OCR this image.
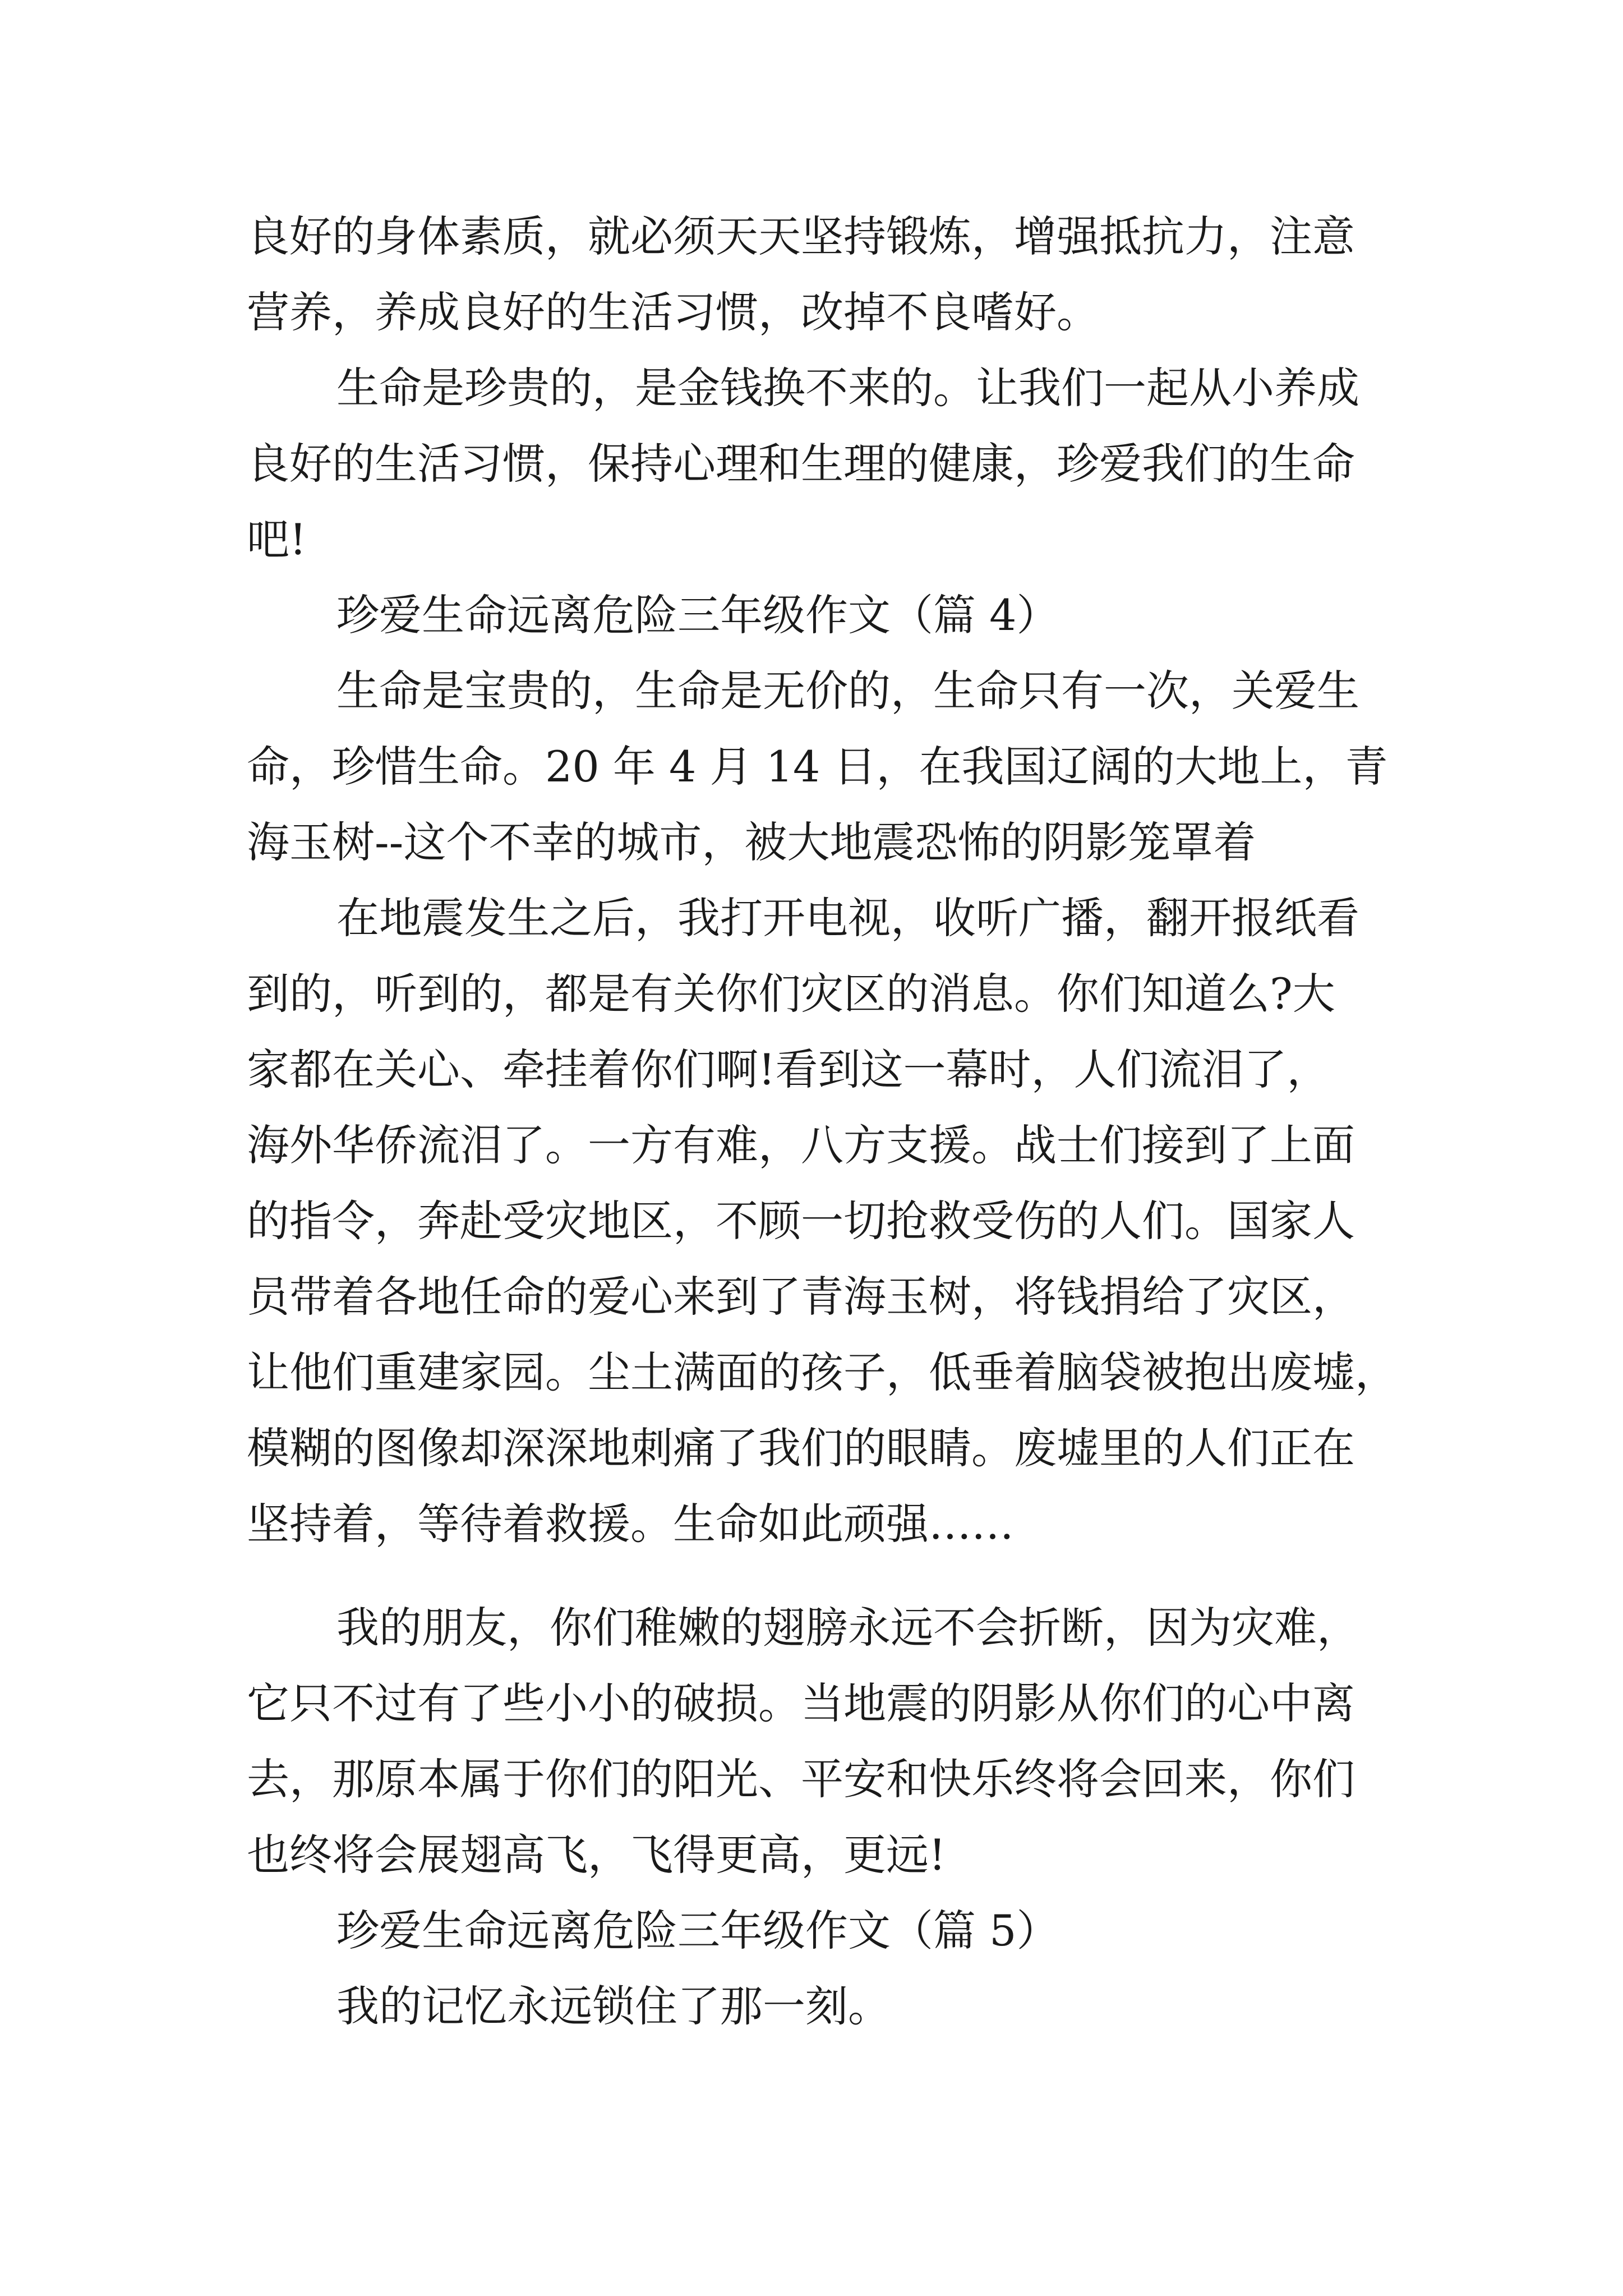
良好的身体素质，就必须天天坚持锻炼，增强抵抗力，注意
营养，养成良好的生活习惯，改掉不良嗜好。
生命是珍贵的，是金钱换不来的。让我们一起从小养成
良好的生活习惯，保持心理和生理的健康，珍爱我们的生命
吧!
珍爱生命远离危险三年级作文（篇 4）
生命是宝贵的，生命是无价的，生命只有一次，关爱生
命，珍惜生命。20 年 4 月 14 日，在我国辽阔的大地上，青
海玉树--这个不幸的城市，被大地震恐怖的阴影笼罩着
在地震发生之后，我打开电视，收听广播，翻开报纸看
到的，听到的，都是有关你们灾区的消息。你们知道么?大
家都在关心、牵挂着你们啊!看到这一幕时，人们流泪了，
海外华侨流泪了。一方有难，八方支援。战士们接到了上面
的指令，奔赴受灾地区，不顾一切抢救受伤的人们。国家人
员带着各地任命的爱心来到了青海玉树，将钱捐给了灾区，
让他们重建家园。尘土满面的孩子，低垂着脑袋被抱出废墟，
模糊的图像却深深地刺痛了我们的眼睛。废墟里的人们正在
坚持着，等待着救援。生命如此顽强……
我的朋友，你们稚嫩的翅膀永远不会折断，因为灾难，
它只不过有了些小小的破损。当地震的阴影从你们的心中离
去，那原本属于你们的阳光、平安和快乐终将会回来，你们
也终将会展翅高飞，飞得更高，更远!
珍爱生命远离危险三年级作文（篇 5）
我的记忆永远锁住了那一刻。
